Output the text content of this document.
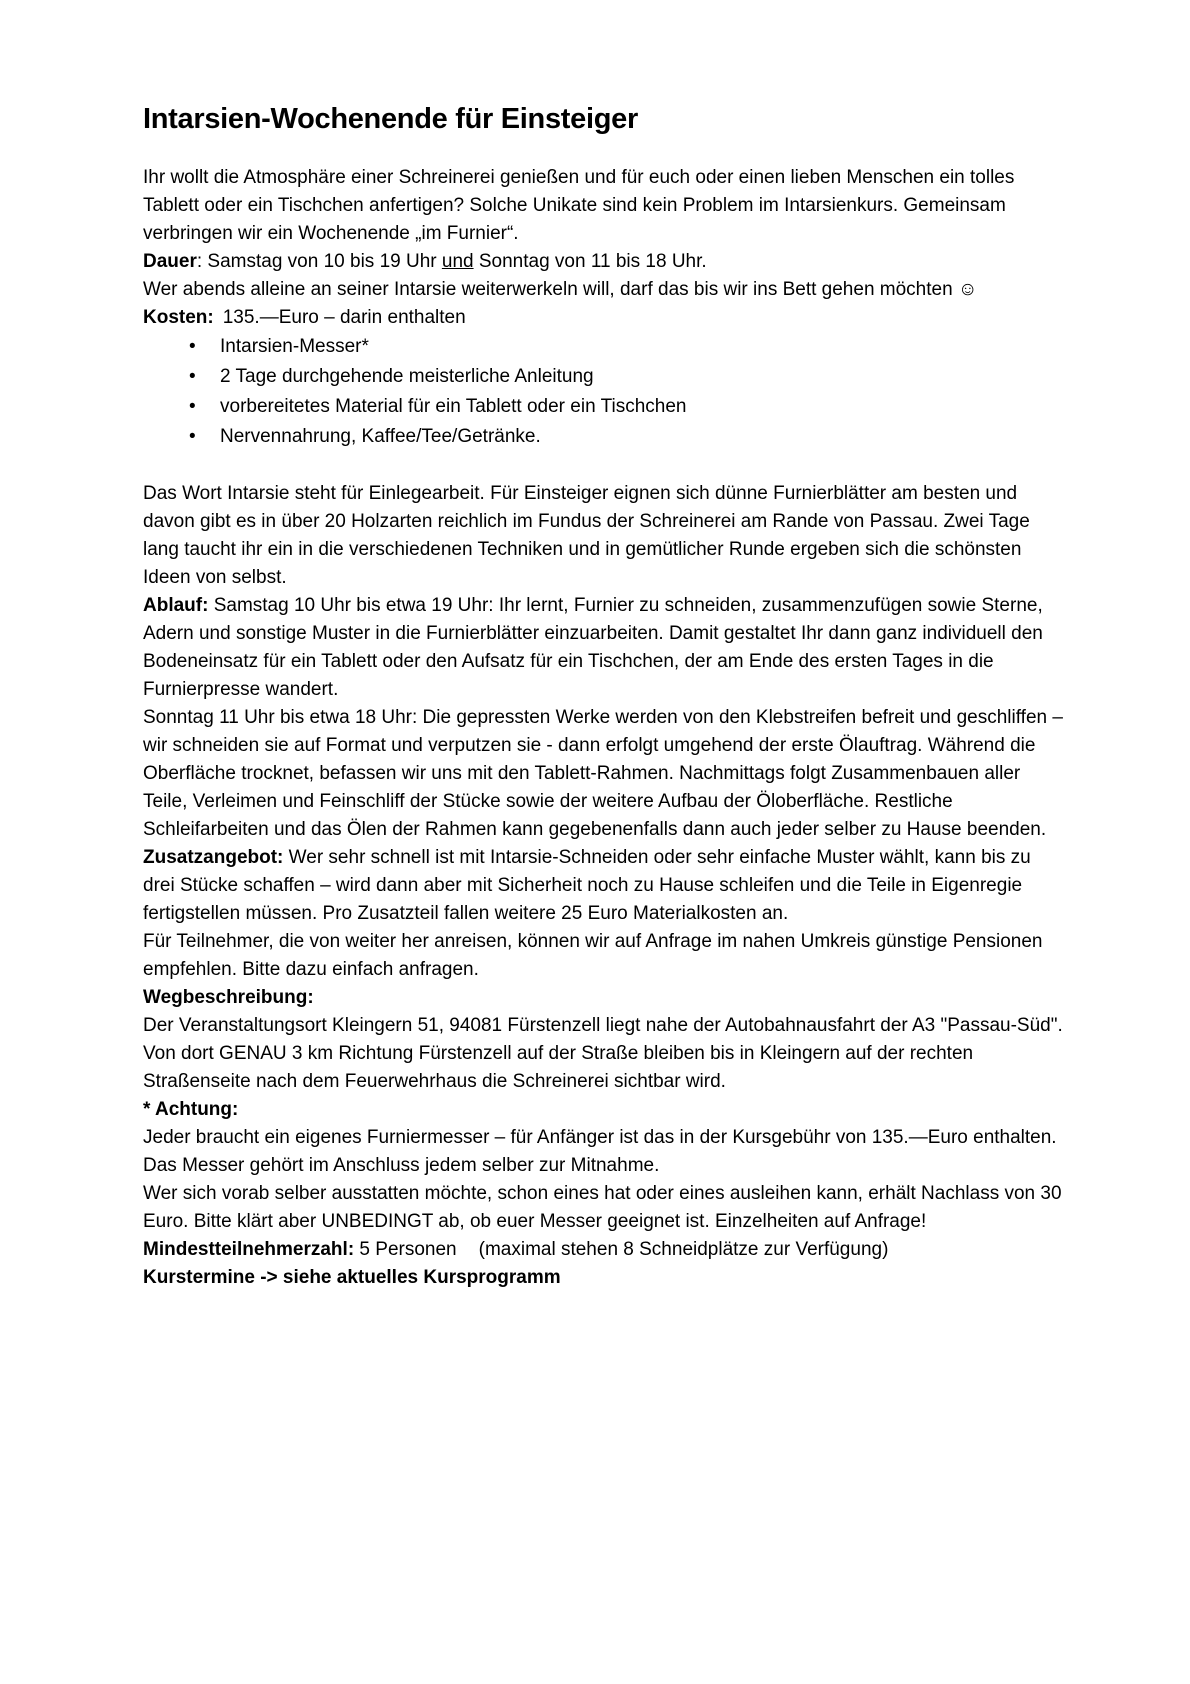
Intarsien-Wochenende für Einsteiger

Ihr wollt die Atmosphäre einer Schreinerei genießen und für euch oder einen lieben Menschen ein tolles Tablett oder ein Tischchen anfertigen? Solche Unikate sind kein Problem im Intarsienkurs. Gemeinsam verbringen wir ein Wochenende „im Furnier“.

Dauer: Samstag von 10 bis 19 Uhr und Sonntag von 11 bis 18 Uhr.
Wer abends alleine an seiner Intarsie weiterwerkeln will, darf das bis wir ins Bett gehen möchten ☺

Kosten: 135.—Euro – darin enthalten

• Intarsien-Messer*
• 2 Tage durchgehende meisterliche Anleitung
• vorbereitetes Material für ein Tablett oder ein Tischchen
• Nervennahrung, Kaffee/Tee/Getränke.

Das Wort Intarsie steht für Einlegearbeit. Für Einsteiger eignen sich dünne Furnierblätter am besten und davon gibt es in über 20 Holzarten reichlich im Fundus der Schreinerei am Rande von Passau. Zwei Tage lang taucht ihr ein in die verschiedenen Techniken und in gemütlicher Runde ergeben sich die schönsten Ideen von selbst.

Ablauf: Samstag 10 Uhr bis etwa 19 Uhr: Ihr lernt, Furnier zu schneiden, zusammenzufügen sowie Sterne, Adern und sonstige Muster in die Furnierblätter einzuarbeiten. Damit gestaltet Ihr dann ganz individuell den Bodeneinsatz für ein Tablett oder den Aufsatz für ein Tischchen, der am Ende des ersten Tages in die Furnierpresse wandert.

Sonntag 11 Uhr bis etwa 18 Uhr: Die gepressten Werke werden von den Klebstreifen befreit und geschliffen – wir schneiden sie auf Format und verputzen sie - dann erfolgt umgehend der erste Ölauftrag. Während die Oberfläche trocknet, befassen wir uns mit den Tablett-Rahmen. Nachmittags folgt Zusammenbauen aller Teile, Verleimen und Feinschliff der Stücke sowie der weitere Aufbau der Öloberfläche. Restliche Schleifarbeiten und das Ölen der Rahmen kann gegebenenfalls dann auch jeder selber zu Hause beenden.

Zusatzangebot: Wer sehr schnell ist mit Intarsie-Schneiden oder sehr einfache Muster wählt, kann bis zu drei Stücke schaffen – wird dann aber mit Sicherheit noch zu Hause schleifen und die Teile in Eigenregie fertigstellen müssen. Pro Zusatzteil fallen weitere 25 Euro Materialkosten an.

Für Teilnehmer, die von weiter her anreisen, können wir auf Anfrage im nahen Umkreis günstige Pensionen empfehlen. Bitte dazu einfach anfragen.

Wegbeschreibung:

Der Veranstaltungsort Kleingern 51, 94081 Fürstenzell liegt nahe der Autobahnausfahrt der A3 "Passau-Süd". Von dort GENAU 3 km Richtung Fürstenzell auf der Straße bleiben bis in Kleingern auf der rechten Straßenseite nach dem Feuerwehrhaus die Schreinerei sichtbar wird.

* Achtung:

Jeder braucht ein eigenes Furniermesser – für Anfänger ist das in der Kursgebühr von 135.—Euro enthalten. Das Messer gehört im Anschluss jedem selber zur Mitnahme.
Wer sich vorab selber ausstatten möchte, schon eines hat oder eines ausleihen kann, erhält Nachlass von 30 Euro. Bitte klärt aber UNBEDINGT ab, ob euer Messer geeignet ist. Einzelheiten auf Anfrage!

Mindestteilnehmerzahl: 5 Personen (maximal stehen 8 Schneidplätze zur Verfügung)

Kurstermine -> siehe aktuelles Kursprogramm
